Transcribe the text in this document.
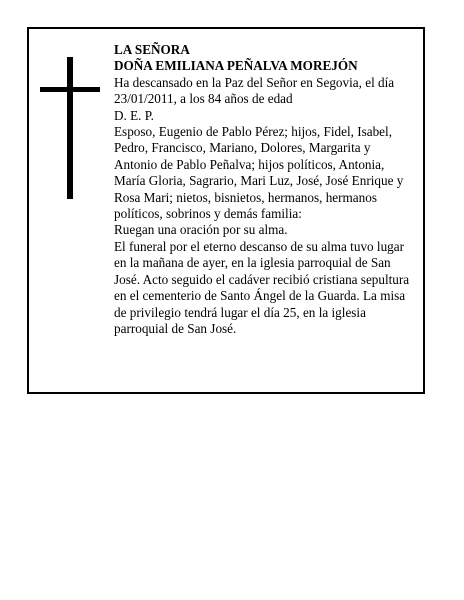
LA SEÑORA

DOÑA EMILIANA PEÑALVA MOREJÓN

Ha descansado en la Paz del Señor en Segovia, el día 23/01/2011, a los 84 años de edad

D. E. P.

Esposo, Eugenio de Pablo Pérez; hijos, Fidel, Isabel, Pedro, Francisco, Mariano, Dolores, Margarita y Antonio de Pablo Peñalva; hijos políticos, Antonia, María Gloria, Sagrario, Mari Luz, José, José Enrique y Rosa Mari; nietos, bisnietos, hermanos, hermanos políticos, sobrinos y demás familia:

Ruegan una oración por su alma.

El funeral por el eterno descanso de su alma tuvo lugar en la mañana de ayer, en la iglesia parroquial de San José. Acto seguido el cadáver recibió cristiana sepultura en el cementerio de Santo Ángel de la Guarda. La misa de privilegio tendrá lugar el día 25, en la iglesia parroquial de San José.
